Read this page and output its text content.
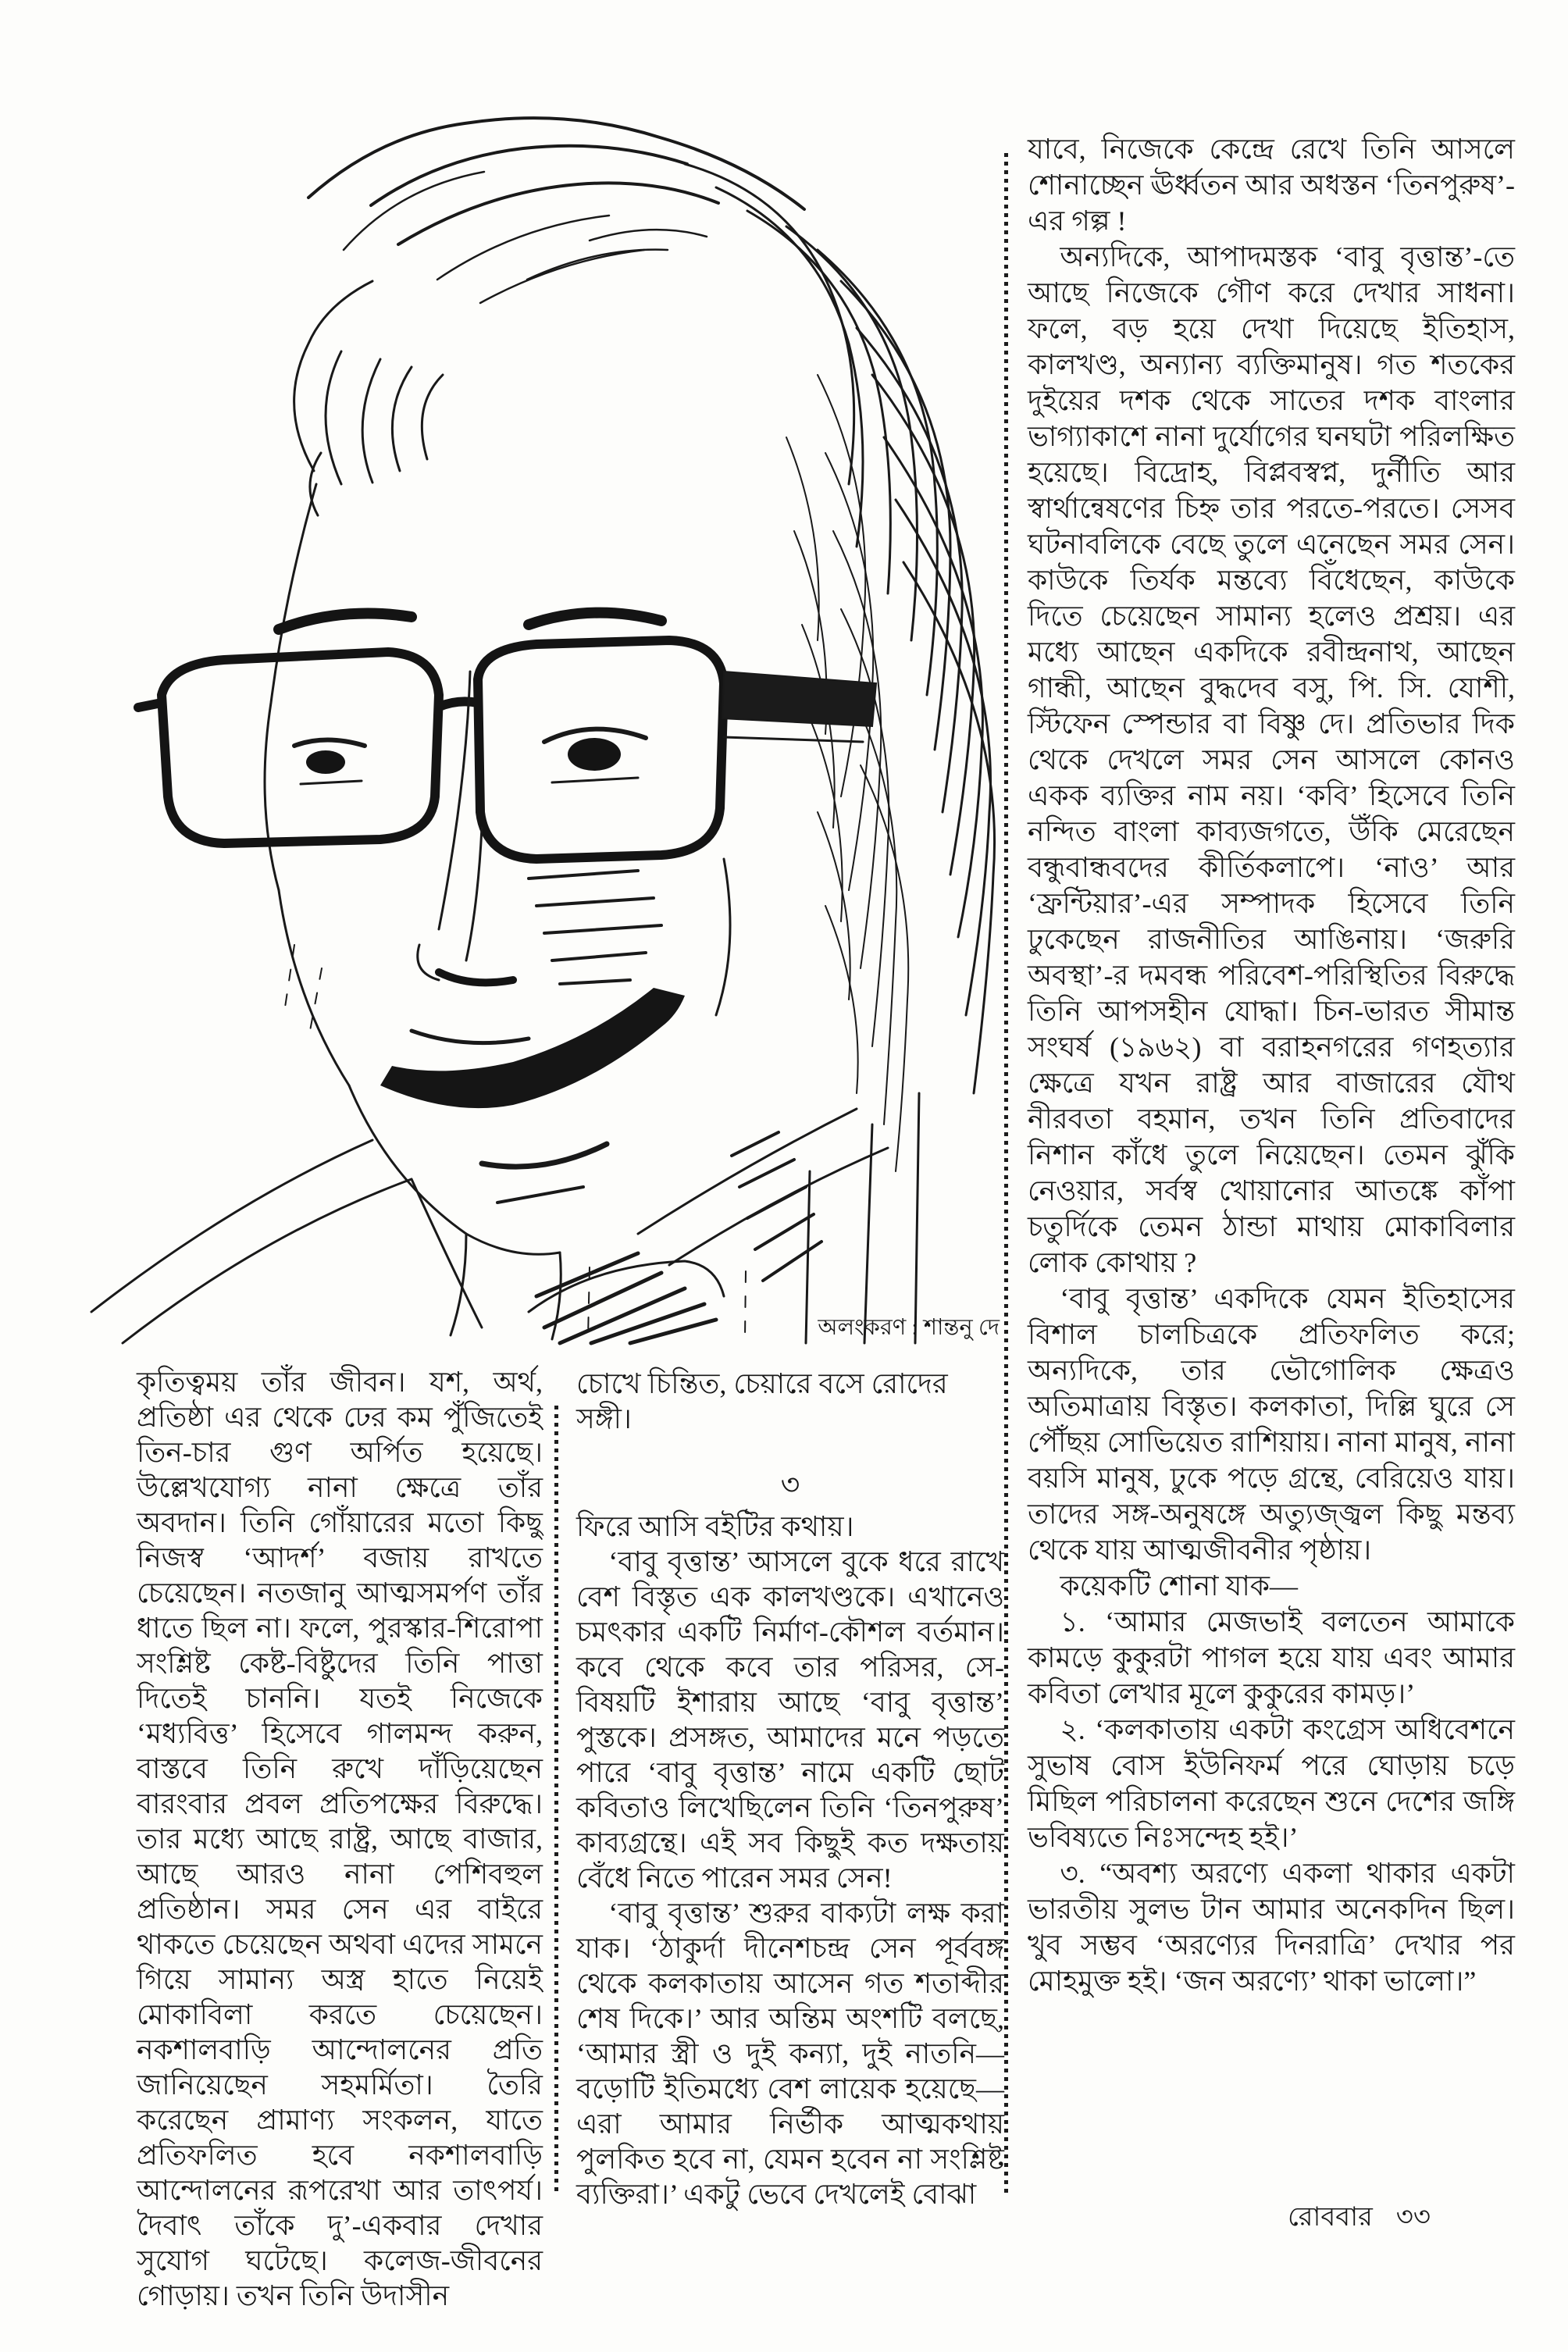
অলংকরণ : শান্তনু দে

কৃতিত্বময় তাঁর জীবন। যশ, অর্থ, প্রতিষ্ঠা এর থেকে ঢের কম পুঁজিতেই তিন-চার গুণ অর্পিত হয়েছে। উল্লেখযোগ্য নানা ক্ষেত্রে তাঁর অবদান। তিনি গোঁয়ারের মতো কিছু নিজস্ব ‘আদর্শ’ বজায় রাখতে চেয়েছেন। নতজানু আত্মসমর্পণ তাঁর ধাতে ছিল না। ফলে, পুরস্কার-শিরোপা সংশ্লিষ্ট কেষ্ট-বিষ্টুদের তিনি পাত্তা দিতেই চাননি। যতই নিজেকে ‘মধ্যবিত্ত’ হিসেবে গালমন্দ করুন, বাস্তবে তিনি রুখে দাঁড়িয়েছেন বারংবার প্রবল প্রতিপক্ষের বিরুদ্ধে। তার মধ্যে আছে রাষ্ট্র, আছে বাজার, আছে আরও নানা পেশিবহুল প্রতিষ্ঠান। সমর সেন এর বাইরে থাকতে চেয়েছেন অথবা এদের সামনে গিয়ে সামান্য অস্ত্র হাতে নিয়েই মোকাবিলা করতে চেয়েছেন। নকশালবাড়ি আন্দোলনের প্রতি জানিয়েছেন সহমর্মিতা। তৈরি করেছেন প্রামাণ্য সংকলন, যাতে প্রতিফলিত হবে নকশালবাড়ি আন্দোলনের রূপরেখা আর তাৎপর্য। দৈবাৎ তাঁকে দু’-একবার দেখার সুযোগ ঘটেছে। কলেজ-জীবনের গোড়ায়। তখন তিনি উদাসীন

চোখে চিন্তিত, চেয়ারে বসে রোদের সঙ্গী।

৩

ফিরে আসি বইটির কথায়।

‘বাবু বৃত্তান্ত’ আসলে বুকে ধরে রাখে বেশ বিস্তৃত এক কালখণ্ডকে। এখানেও চমৎকার একটি নির্মাণ-কৌশল বর্তমান। কবে থেকে কবে তার পরিসর, সে-বিষয়টি ইশারায় আছে ‘বাবু বৃত্তান্ত’ পুস্তকে। প্রসঙ্গত, আমাদের মনে পড়তে পারে ‘বাবু বৃত্তান্ত’ নামে একটি ছোট কবিতাও লিখেছিলেন তিনি ‘তিনপুরুষ’ কাব্যগ্রন্থে। এই সব কিছুই কত দক্ষতায় বেঁধে নিতে পারেন সমর সেন!

‘বাবু বৃত্তান্ত’ শুরুর বাক্যটা লক্ষ করা যাক। ‘ঠাকুর্দা দীনেশচন্দ্র সেন পূর্ববঙ্গ থেকে কলকাতায় আসেন গত শতাব্দীর শেষ দিকে।’ আর অন্তিম অংশটি বলছে, ‘আমার স্ত্রী ও দুই কন্যা, দুই নাতনি—বড়োটি ইতিমধ্যে বেশ লায়েক হয়েছে—এরা আমার নির্ভীক আত্মকথায় পুলকিত হবে না, যেমন হবেন না সংশ্লিষ্ট ব্যক্তিরা।’ একটু ভেবে দেখলেই বোঝা

যাবে, নিজেকে কেন্দ্রে রেখে তিনি আসলে শোনাচ্ছেন ঊর্ধ্বতন আর অধস্তন ‘তিনপুরুষ’-এর গল্প !

অন্যদিকে, আপাদমস্তক ‘বাবু বৃত্তান্ত’-তে আছে নিজেকে গৌণ করে দেখার সাধনা। ফলে, বড় হয়ে দেখা দিয়েছে ইতিহাস, কালখণ্ড, অন্যান্য ব্যক্তিমানুষ। গত শতকের দুইয়ের দশক থেকে সাতের দশক বাংলার ভাগ্যাকাশে নানা দুর্যোগের ঘনঘটা পরিলক্ষিত হয়েছে। বিদ্রোহ, বিপ্লবস্বপ্ন, দুর্নীতি আর স্বার্থান্বেষণের চিহ্ন তার পরতে-পরতে। সেসব ঘটনাবলিকে বেছে তুলে এনেছেন সমর সেন। কাউকে তির্যক মন্তব্যে বিঁধেছেন, কাউকে দিতে চেয়েছেন সামান্য হলেও প্রশ্রয়। এর মধ্যে আছেন একদিকে রবীন্দ্রনাথ, আছেন গান্ধী, আছেন বুদ্ধদেব বসু, পি. সি. যোশী, স্টিফেন স্পেন্ডার বা বিষ্ণু দে। প্রতিভার দিক থেকে দেখলে সমর সেন আসলে কোনও একক ব্যক্তির নাম নয়। ‘কবি’ হিসেবে তিনি নন্দিত বাংলা কাব্যজগতে, উঁকি মেরেছেন বন্ধুবান্ধবদের কীর্তিকলাপে। ‘নাও’ আর ‘ফ্রন্টিয়ার’-এর সম্পাদক হিসেবে তিনি ঢুকেছেন রাজনীতির আঙিনায়। ‘জরুরি অবস্থা’-র দমবন্ধ পরিবেশ-পরিস্থিতির বিরুদ্ধে তিনি আপসহীন যোদ্ধা। চিন-ভারত সীমান্ত সংঘর্ষ (১৯৬২) বা বরাহনগরের গণহত্যার ক্ষেত্রে যখন রাষ্ট্র আর বাজারের যৌথ নীরবতা বহমান, তখন তিনি প্রতিবাদের নিশান কাঁধে তুলে নিয়েছেন। তেমন ঝুঁকি নেওয়ার, সর্বস্ব খোয়ানোর আতঙ্কে কাঁপা চতুর্দিকে তেমন ঠান্ডা মাথায় মোকাবিলার লোক কোথায় ?

‘বাবু বৃত্তান্ত’ একদিকে যেমন ইতিহাসের বিশাল চালচিত্রকে প্রতিফলিত করে; অন্যদিকে, তার ভৌগোলিক ক্ষেত্রও অতিমাত্রায় বিস্তৃত। কলকাতা, দিল্লি ঘুরে সে পৌঁছয় সোভিয়েত রাশিয়ায়। নানা মানুষ, নানা বয়সি মানুষ, ঢুকে পড়ে গ্রন্থে, বেরিয়েও যায়। তাদের সঙ্গ-অনুষঙ্গে অত্যুজ্জ্বল কিছু মন্তব্য থেকে যায় আত্মজীবনীর পৃষ্ঠায়।

কয়েকটি শোনা যাক—

১. ‘আমার মেজভাই বলতেন আমাকে কামড়ে কুকুরটা পাগল হয়ে যায় এবং আমার কবিতা লেখার মূলে কুকুরের কামড়।’

২. ‘কলকাতায় একটা কংগ্রেস অধিবেশনে সুভাষ বোস ইউনিফর্ম পরে ঘোড়ায় চড়ে মিছিল পরিচালনা করেছেন শুনে দেশের জঙ্গি ভবিষ্যতে নিঃসন্দেহ হই।’

৩. “অবশ্য অরণ্যে একলা থাকার একটা ভারতীয় সুলভ টান আমার অনেকদিন ছিল। খুব সম্ভব ‘অরণ্যের দিনরাত্রি’ দেখার পর মোহমুক্ত হই। ‘জন অরণ্যে’ থাকা ভালো।”

রোববার ৩৩
